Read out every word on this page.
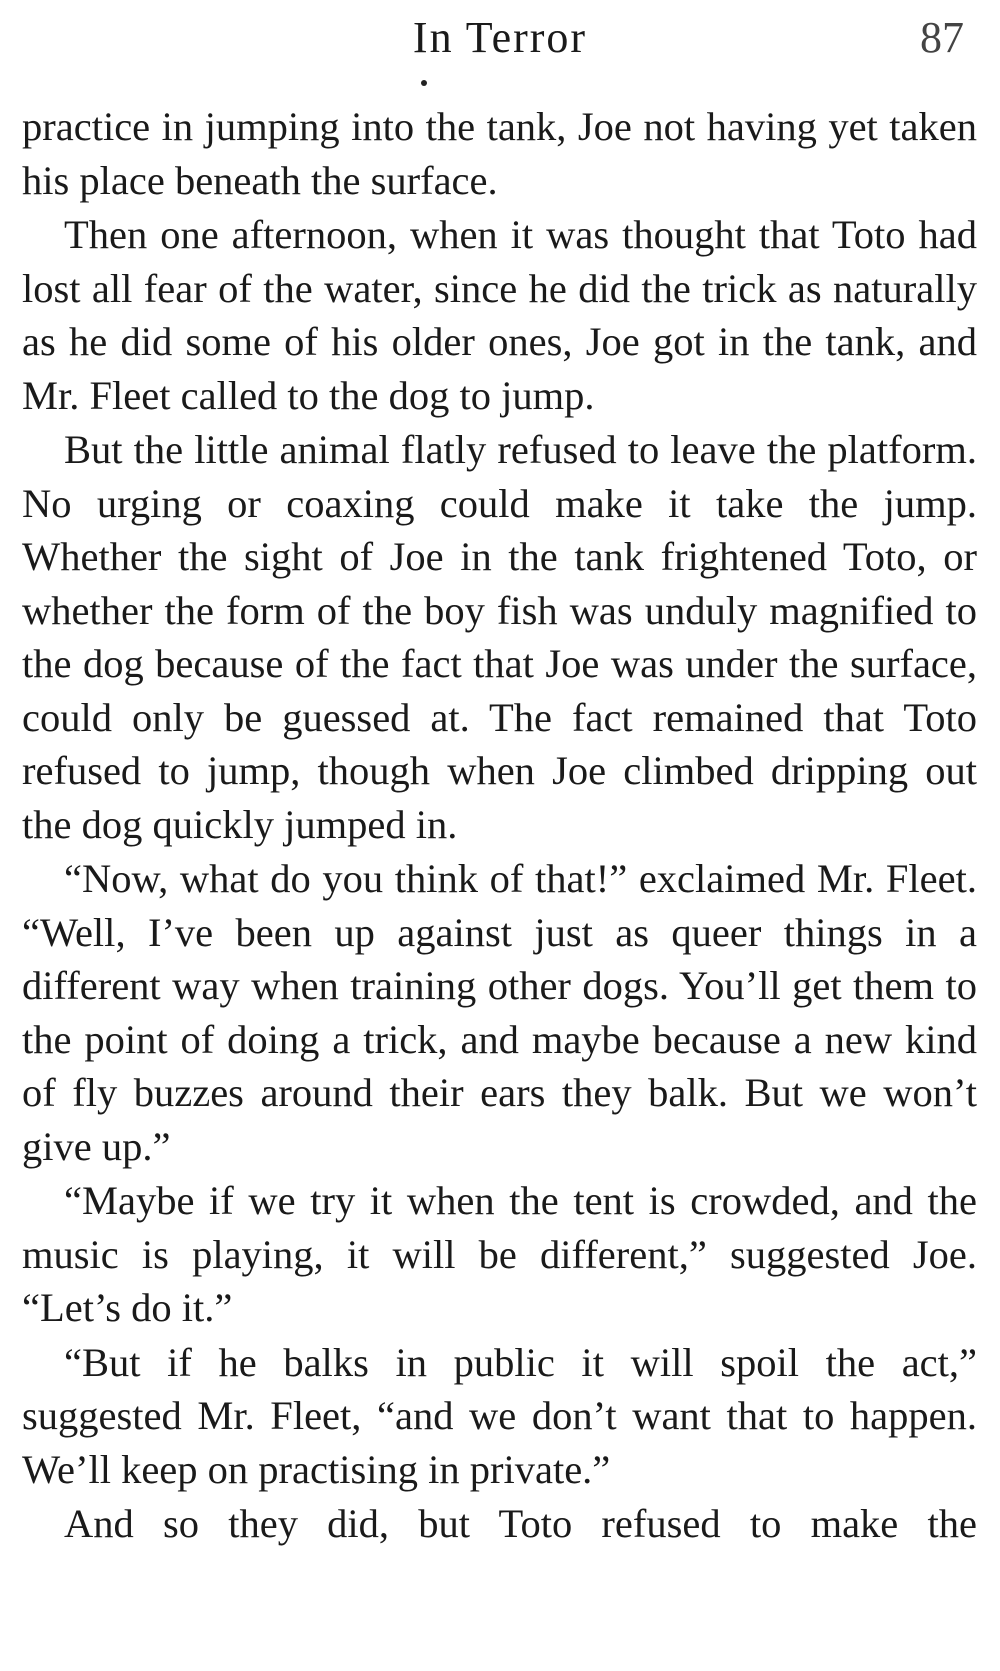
In Terror	87

practice in jumping into the tank, Joe not having yet taken his place beneath the surface.

Then one afternoon, when it was thought that Toto had lost all fear of the water, since he did the trick as naturally as he did some of his older ones, Joe got in the tank, and Mr. Fleet called to the dog to jump.

But the little animal flatly refused to leave the platform. No urging or coaxing could make it take the jump. Whether the sight of Joe in the tank frightened Toto, or whether the form of the boy fish was unduly magnified to the dog because of the fact that Joe was under the surface, could only be guessed at. The fact remained that Toto refused to jump, though when Joe climbed dripping out the dog quickly jumped in.

“Now, what do you think of that!” exclaimed Mr. Fleet. “Well, I’ve been up against just as queer things in a different way when training other dogs. You’ll get them to the point of doing a trick, and maybe because a new kind of fly buzzes around their ears they balk. But we won’t give up.”

“Maybe if we try it when the tent is crowded, and the music is playing, it will be different,” suggested Joe. “Let’s do it.”

“But if he balks in public it will spoil the act,” suggested Mr. Fleet, “and we don’t want that to happen. We’ll keep on practising in private.”

And so they did, but Toto refused to make the
